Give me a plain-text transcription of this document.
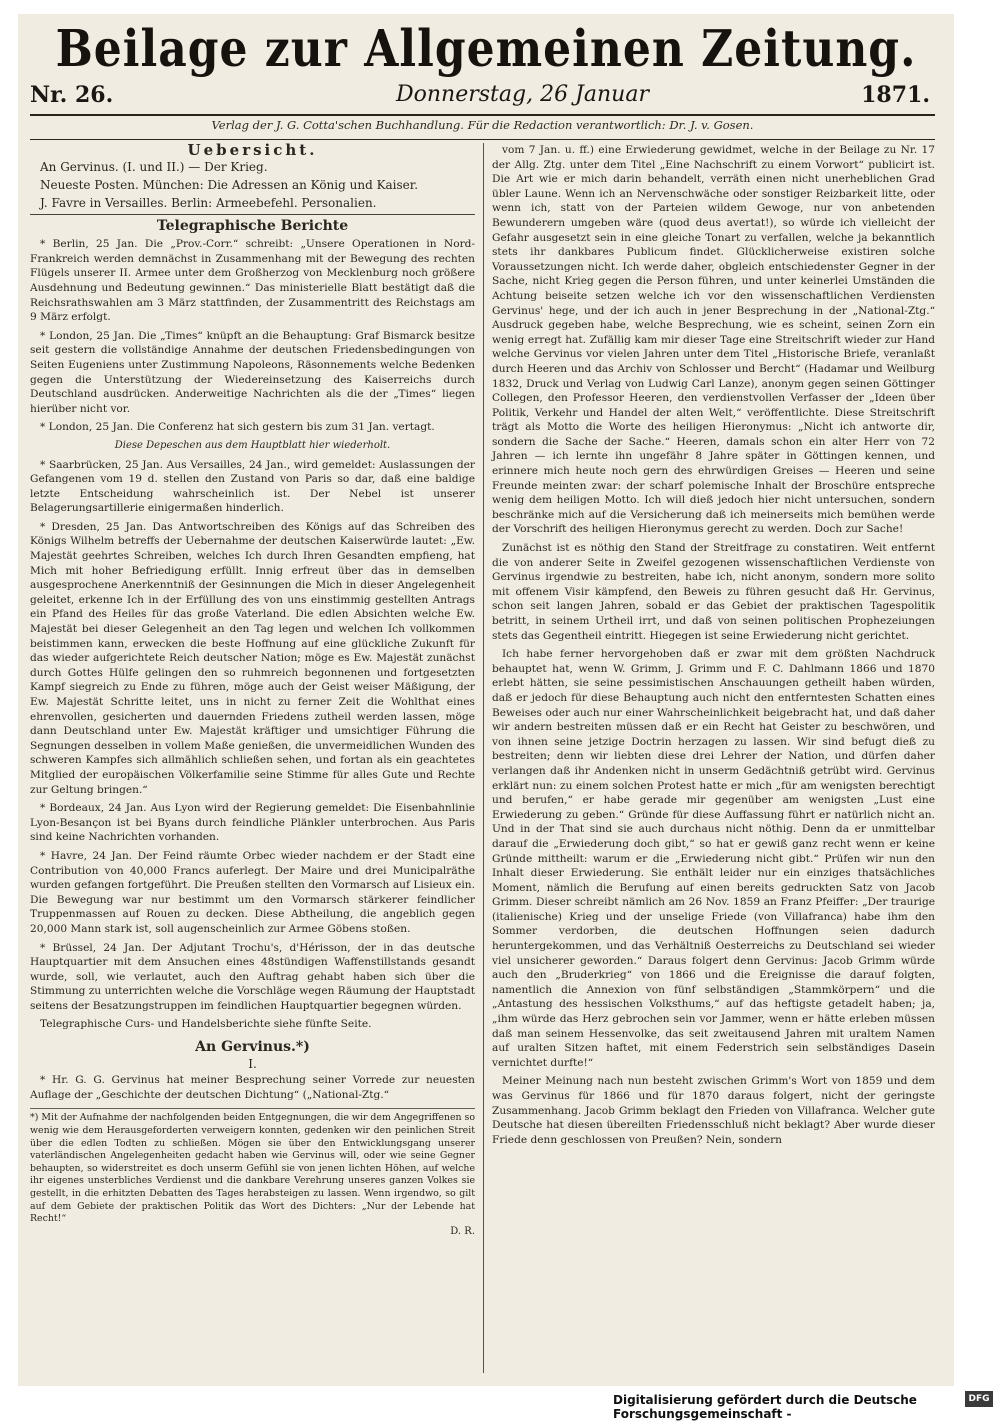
Beilage zur Allgemeinen Zeitung.
Nr. 26.	Donnerstag, 26 Januar	1871.
Verlag der J. G. Cotta'schen Buchhandlung. Für die Redaction verantwortlich: Dr. J. v. Gosen.
Uebersicht.

An Gervinus. (I. und II.) — Der Krieg.

Neueste Posten. München: Die Adressen an König und Kaiser.

J. Favre in Versailles. Berlin: Armeebefehl. Personalien.

Telegraphische Berichte

* Berlin, 25 Jan. Die „Prov.-Corr.“ schreibt: „Unsere Operationen in Nord-Frankreich werden demnächst in Zusammenhang mit der Bewegung des rechten Flügels unserer II. Armee unter dem Großherzog von Mecklenburg noch größere Ausdehnung und Bedeutung gewinnen.“ Das ministerielle Blatt bestätigt daß die Reichsrathswahlen am 3 März stattfinden, der Zusammentritt des Reichstags am 9 März erfolgt.

* London, 25 Jan. Die „Times“ knüpft an die Behauptung: Graf Bismarck besitze seit gestern die vollständige Annahme der deutschen Friedensbedingungen von Seiten Eugeniens unter Zustimmung Napoleons, Räsonnements welche Bedenken gegen die Unterstützung der Wiedereinsetzung des Kaiserreichs durch Deutschland ausdrücken. Anderweitige Nachrichten als die der „Times“ liegen hierüber nicht vor.

* London, 25 Jan. Die Conferenz hat sich gestern bis zum 31 Jan. vertagt.

Diese Depeschen aus dem Hauptblatt hier wiederholt.

* Saarbrücken, 25 Jan. Aus Versailles, 24 Jan., wird gemeldet: Auslassungen der Gefangenen vom 19 d. stellen den Zustand von Paris so dar, daß eine baldige letzte Entscheidung wahrscheinlich ist. Der Nebel ist unserer Belagerungsartillerie einigermaßen hinderlich.

* Dresden, 25 Jan. Das Antwortschreiben des Königs auf das Schreiben des Königs Wilhelm betreffs der Uebernahme der deutschen Kaiserwürde lautet: „Ew. Majestät geehrtes Schreiben, welches Ich durch Ihren Gesandten empfieng, hat Mich mit hoher Befriedigung erfüllt. Innig erfreut über das in demselben ausgesprochene Anerkenntniß der Gesinnungen die Mich in dieser Angelegenheit geleitet, erkenne Ich in der Erfüllung des von uns einstimmig gestellten Antrags ein Pfand des Heiles für das große Vaterland. Die edlen Absichten welche Ew. Majestät bei dieser Gelegenheit an den Tag legen und welchen Ich vollkommen beistimmen kann, erwecken die beste Hoffnung auf eine glückliche Zukunft für das wieder aufgerichtete Reich deutscher Nation; möge es Ew. Majestät zunächst durch Gottes Hülfe gelingen den so ruhmreich begonnenen und fortgesetzten Kampf siegreich zu Ende zu führen, möge auch der Geist weiser Mäßigung, der Ew. Majestät Schritte leitet, uns in nicht zu ferner Zeit die Wohlthat eines ehrenvollen, gesicherten und dauernden Friedens zutheil werden lassen, möge dann Deutschland unter Ew. Majestät kräftiger und umsichtiger Führung die Segnungen desselben in vollem Maße genießen, die unvermeidlichen Wunden des schweren Kampfes sich allmählich schließen sehen, und fortan als ein geachtetes Mitglied der europäischen Völkerfamilie seine Stimme für alles Gute und Rechte zur Geltung bringen.“

* Bordeaux, 24 Jan. Aus Lyon wird der Regierung gemeldet: Die Eisenbahnlinie Lyon-Besançon ist bei Byans durch feindliche Plänkler unterbrochen. Aus Paris sind keine Nachrichten vorhanden.

* Havre, 24 Jan. Der Feind räumte Orbec wieder nachdem er der Stadt eine Contribution von 40,000 Francs auferlegt. Der Maire und drei Municipalräthe wurden gefangen fortgeführt. Die Preußen stellten den Vormarsch auf Lisieux ein. Die Bewegung war nur bestimmt um den Vormarsch stärkerer feindlicher Truppenmassen auf Rouen zu decken. Diese Abtheilung, die angeblich gegen 20,000 Mann stark ist, soll augenscheinlich zur Armee Göbens stoßen.

* Brüssel, 24 Jan. Der Adjutant Trochu's, d'Hérisson, der in das deutsche Hauptquartier mit dem Ansuchen eines 48stündigen Waffenstillstands gesandt wurde, soll, wie verlautet, auch den Auftrag gehabt haben sich über die Stimmung zu unterrichten welche die Vorschläge wegen Räumung der Hauptstadt seitens der Besatzungstruppen im feindlichen Hauptquartier begegnen würden.

Telegraphische Curs- und Handelsberichte siehe fünfte Seite.

An Gervinus.*)
I.

* Hr. G. G. Gervinus hat meiner Besprechung seiner Vorrede zur neuesten Auflage der „Geschichte der deutschen Dichtung“ („National-Ztg.“

*) Mit der Aufnahme der nachfolgenden beiden Entgegnungen, die wir dem Angegriffenen so wenig wie dem Herausgeforderten verweigern konnten, gedenken wir den peinlichen Streit über die edlen Todten zu schließen. Mögen sie über den Entwicklungsgang unserer vaterländischen Angelegenheiten gedacht haben wie Gervinus will, oder wie seine Gegner behaupten, so widerstreitet es doch unserm Gefühl sie von jenen lichten Höhen, auf welche ihr eigenes unsterbliches Verdienst und die dankbare Verehrung unseres ganzen Volkes sie gestellt, in die erhitzten Debatten des Tages herabsteigen zu lassen. Wenn irgendwo, so gilt auf dem Gebiete der praktischen Politik das Wort des Dichters: „Nur der Lebende hat Recht!“

D. R.

vom 7 Jan. u. ff.) eine Erwiederung gewidmet, welche in der Beilage zu Nr. 17 der Allg. Ztg. unter dem Titel „Eine Nachschrift zu einem Vorwort“ publicirt ist. Die Art wie er mich darin behandelt, verräth einen nicht unerheblichen Grad übler Laune. Wenn ich an Nervenschwäche oder sonstiger Reizbarkeit litte, oder wenn ich, statt von der Parteien wildem Gewoge, nur von anbetenden Bewunderern umgeben wäre (quod deus avertat!), so würde ich vielleicht der Gefahr ausgesetzt sein in eine gleiche Tonart zu verfallen, welche ja bekanntlich stets ihr dankbares Publicum findet. Glücklicherweise existiren solche Voraussetzungen nicht. Ich werde daher, obgleich entschiedenster Gegner in der Sache, nicht Krieg gegen die Person führen, und unter keinerlei Umständen die Achtung beiseite setzen welche ich vor den wissenschaftlichen Verdiensten Gervinus' hege, und der ich auch in jener Besprechung in der „National-Ztg.“ Ausdruck gegeben habe, welche Besprechung, wie es scheint, seinen Zorn ein wenig erregt hat. Zufällig kam mir dieser Tage eine Streitschrift wieder zur Hand welche Gervinus vor vielen Jahren unter dem Titel „Historische Briefe, veranlaßt durch Heeren und das Archiv von Schlosser und Bercht“ (Hadamar und Weilburg 1832, Druck und Verlag von Ludwig Carl Lanze), anonym gegen seinen Göttinger Collegen, den Professor Heeren, den verdienstvollen Verfasser der „Ideen über Politik, Verkehr und Handel der alten Welt,“ veröffentlichte. Diese Streitschrift trägt als Motto die Worte des heiligen Hieronymus: „Nicht ich antworte dir, sondern die Sache der Sache.“ Heeren, damals schon ein alter Herr von 72 Jahren — ich lernte ihn ungefähr 8 Jahre später in Göttingen kennen, und erinnere mich heute noch gern des ehrwürdigen Greises — Heeren und seine Freunde meinten zwar: der scharf polemische Inhalt der Broschüre entspreche wenig dem heiligen Motto. Ich will dieß jedoch hier nicht untersuchen, sondern beschränke mich auf die Versicherung daß ich meinerseits mich bemühen werde der Vorschrift des heiligen Hieronymus gerecht zu werden. Doch zur Sache!

Zunächst ist es nöthig den Stand der Streitfrage zu constatiren. Weit entfernt die von anderer Seite in Zweifel gezogenen wissenschaftlichen Verdienste von Gervinus irgendwie zu bestreiten, habe ich, nicht anonym, sondern more solito mit offenem Visir kämpfend, den Beweis zu führen gesucht daß Hr. Gervinus, schon seit langen Jahren, sobald er das Gebiet der praktischen Tagespolitik betritt, in seinem Urtheil irrt, und daß von seinen politischen Prophezeiungen stets das Gegentheil eintritt. Hiegegen ist seine Erwiederung nicht gerichtet.

Ich habe ferner hervorgehoben daß er zwar mit dem größten Nachdruck behauptet hat, wenn W. Grimm, J. Grimm und F. C. Dahlmann 1866 und 1870 erlebt hätten, sie seine pessimistischen Anschauungen getheilt haben würden, daß er jedoch für diese Behauptung auch nicht den entferntesten Schatten eines Beweises oder auch nur einer Wahrscheinlichkeit beigebracht hat, und daß daher wir andern bestreiten müssen daß er ein Recht hat Geister zu beschwören, und von ihnen seine jetzige Doctrin herzagen zu lassen. Wir sind befugt dieß zu bestreiten; denn wir liebten diese drei Lehrer der Nation, und dürfen daher verlangen daß ihr Andenken nicht in unserm Gedächtniß getrübt wird. Gervinus erklärt nun: zu einem solchen Protest hatte er mich „für am wenigsten berechtigt und berufen,“ er habe gerade mir gegenüber am wenigsten „Lust eine Erwiederung zu geben.“ Gründe für diese Auffassung führt er natürlich nicht an. Und in der That sind sie auch durchaus nicht nöthig. Denn da er unmittelbar darauf die „Erwiederung doch gibt,“ so hat er gewiß ganz recht wenn er keine Gründe mittheilt: warum er die „Erwiederung nicht gibt.“ Prüfen wir nun den Inhalt dieser Erwiederung. Sie enthält leider nur ein einziges thatsächliches Moment, nämlich die Berufung auf einen bereits gedruckten Satz von Jacob Grimm. Dieser schreibt nämlich am 26 Nov. 1859 an Franz Pfeiffer: „Der traurige (italienische) Krieg und der unselige Friede (von Villafranca) habe ihm den Sommer verdorben, die deutschen Hoffnungen seien dadurch heruntergekommen, und das Verhältniß Oesterreichs zu Deutschland sei wieder viel unsicherer geworden.“ Daraus folgert denn Gervinus: Jacob Grimm würde auch den „Bruderkrieg“ von 1866 und die Ereignisse die darauf folgten, namentlich die Annexion von fünf selbständigen „Stammkörpern“ und die „Antastung des hessischen Volksthums,“ auf das heftigste getadelt haben; ja, „ihm würde das Herz gebrochen sein vor Jammer, wenn er hätte erleben müssen daß man seinem Hessenvolke, das seit zweitausend Jahren mit uraltem Namen auf uralten Sitzen haftet, mit einem Federstrich sein selbständiges Dasein vernichtet durfte!“

Meiner Meinung nach nun besteht zwischen Grimm's Wort von 1859 und dem was Gervinus für 1866 und für 1870 daraus folgert, nicht der geringste Zusammenhang. Jacob Grimm beklagt den Frieden von Villafranca. Welcher gute Deutsche hat diesen übereilten Friedensschluß nicht beklagt? Aber wurde dieser Friede denn geschlossen von Preußen? Nein, sondern

Digitalisierung gefördert durch die Deutsche Forschungsgemeinschaft -
DFG
